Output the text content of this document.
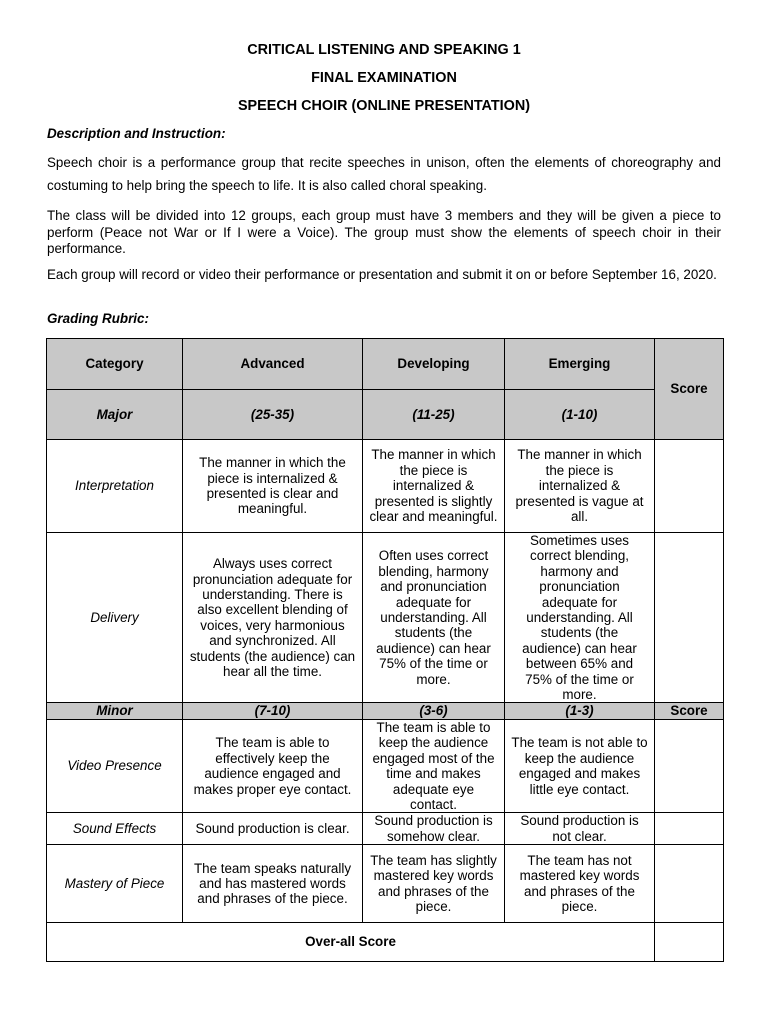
CRITICAL LISTENING AND SPEAKING 1
FINAL EXAMINATION
SPEECH CHOIR (ONLINE PRESENTATION)
Description and Instruction:
Speech choir is a performance group that recite speeches in unison, often the elements of choreography and costuming to help bring the speech to life. It is also called choral speaking.
The class will be divided into 12 groups, each group must have 3 members and they will be given a piece to perform (Peace not War or If I were a Voice). The group must show the elements of speech choir in their performance.
Each group will record or video their performance or presentation and submit it on or before September 16, 2020.
Grading Rubric:
Category	Advanced	Developing	Emerging	Score
Major	(25-35)	(11-25)	(1-10)	
Interpretation	The manner in which the piece is internalized & presented is clear and meaningful.	The manner in which the piece is internalized & presented is slightly clear and meaningful.	The manner in which the piece is internalized & presented is vague at all.	
Delivery	Always uses correct pronunciation adequate for understanding. There is also excellent blending of voices, very harmonious and synchronized. All students (the audience) can hear all the time.	Often uses correct blending, harmony and pronunciation adequate for understanding. All students (the audience) can hear 75% of the time or more.	Sometimes uses correct blending, harmony and pronunciation adequate for understanding. All students (the audience) can hear between 65% and 75% of the time or more.	
Minor	(7-10)	(3-6)	(1-3)	Score
Video Presence	The team is able to effectively keep the audience engaged and makes proper eye contact.	The team is able to keep the audience engaged most of the time and makes adequate eye contact.	The team is not able to keep the audience engaged and makes little eye contact.	
Sound Effects	Sound production is clear.	Sound production is somehow clear.	Sound production is not clear.	
Mastery of Piece	The team speaks naturally and has mastered words and phrases of the piece.	The team has slightly mastered key words and phrases of the piece.	The team has not mastered key words and phrases of the piece.	
Over-all Score				
